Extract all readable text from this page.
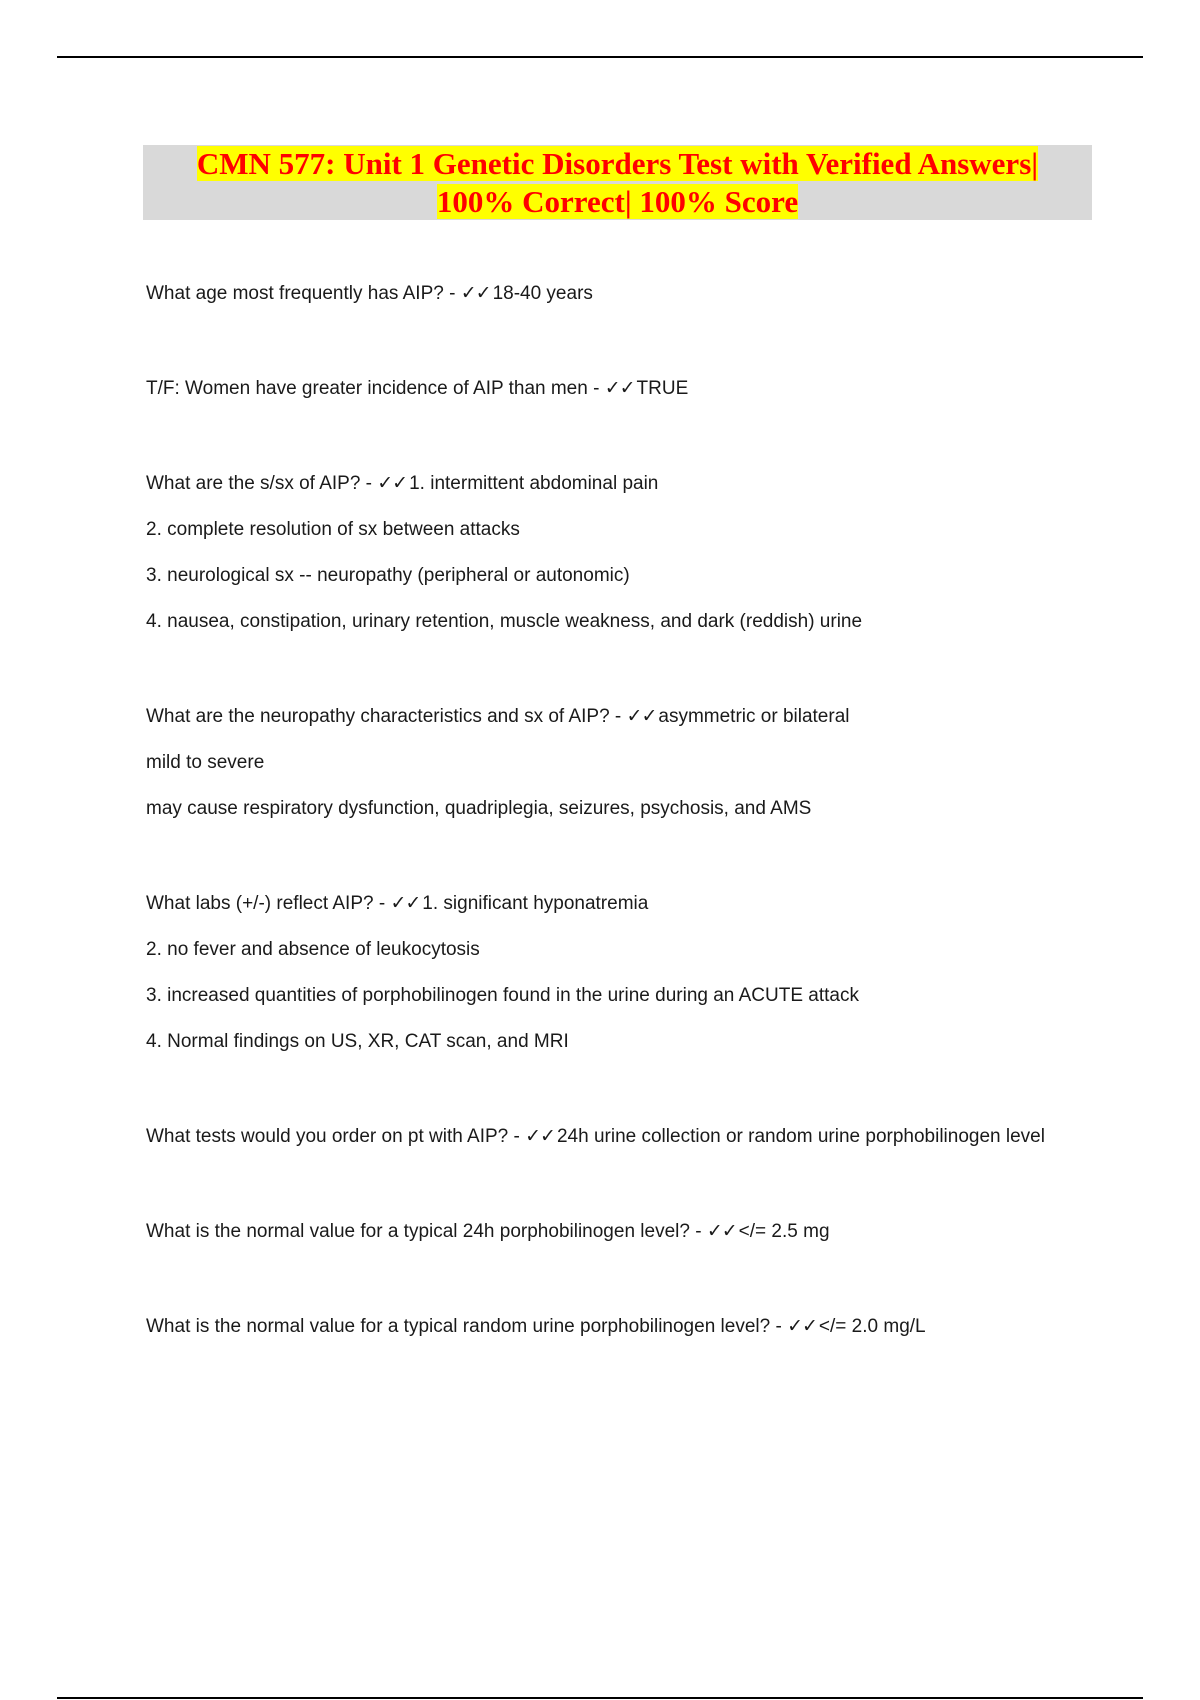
CMN 577: Unit 1 Genetic Disorders Test with Verified Answers|
100% Correct| 100% Score

What age most frequently has AIP? - ✓✓ 18-40 years

T/F: Women have greater incidence of AIP than men - ✓✓ TRUE

What are the s/sx of AIP? - ✓✓ 1. intermittent abdominal pain

2. complete resolution of sx between attacks

3. neurological sx -- neuropathy (peripheral or autonomic)

4. nausea, constipation, urinary retention, muscle weakness, and dark (reddish) urine

What are the neuropathy characteristics and sx of AIP? - ✓✓ asymmetric or bilateral

mild to severe

may cause respiratory dysfunction, quadriplegia, seizures, psychosis, and AMS

What labs (+/-) reflect AIP? - ✓✓ 1. significant hyponatremia

2. no fever and absence of leukocytosis

3. increased quantities of porphobilinogen found in the urine during an ACUTE attack

4. Normal findings on US, XR, CAT scan, and MRI

What tests would you order on pt with AIP? - ✓✓ 24h urine collection or random urine porphobilinogen level

What is the normal value for a typical 24h porphobilinogen level? - ✓✓ </= 2.5 mg

What is the normal value for a typical random urine porphobilinogen level? - ✓✓ </= 2.0 mg/L
